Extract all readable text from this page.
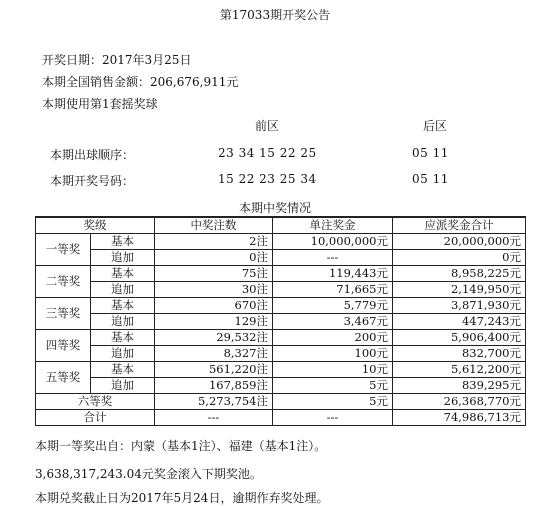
第17033期开奖公告
开奖日期：2017年3月25日
本期全国销售金额：206,676,911元
本期使用第1套摇奖球
前区	后区
本期出球顺序：	23 34 15 22 25	05 11
本期开奖号码：	15 22 23 25 34	05 11
本期中奖情况
奖级		中奖注数	单注奖金	应派奖金合计
一等奖	基本	2注	10,000,000元	20,000,000元
	追加	0注	---	0元
二等奖	基本	75注	119,443元	8,958,225元
	追加	30注	71,665元	2,149,950元
三等奖	基本	670注	5,779元	3,871,930元
	追加	129注	3,467元	447,243元
四等奖	基本	29,532注	200元	5,906,400元
	追加	8,327注	100元	832,700元
五等奖	基本	561,220注	10元	5,612,200元
	追加	167,859注	5元	839,295元
六等奖		5,273,754注	5元	26,368,770元
合计		---	---	74,986,713元
本期一等奖出自：内蒙（基本1注）、福建（基本1注）。
3,638,317,243.04元奖金滚入下期奖池。
本期兑奖截止日为2017年5月24日，逾期作弃奖处理。
